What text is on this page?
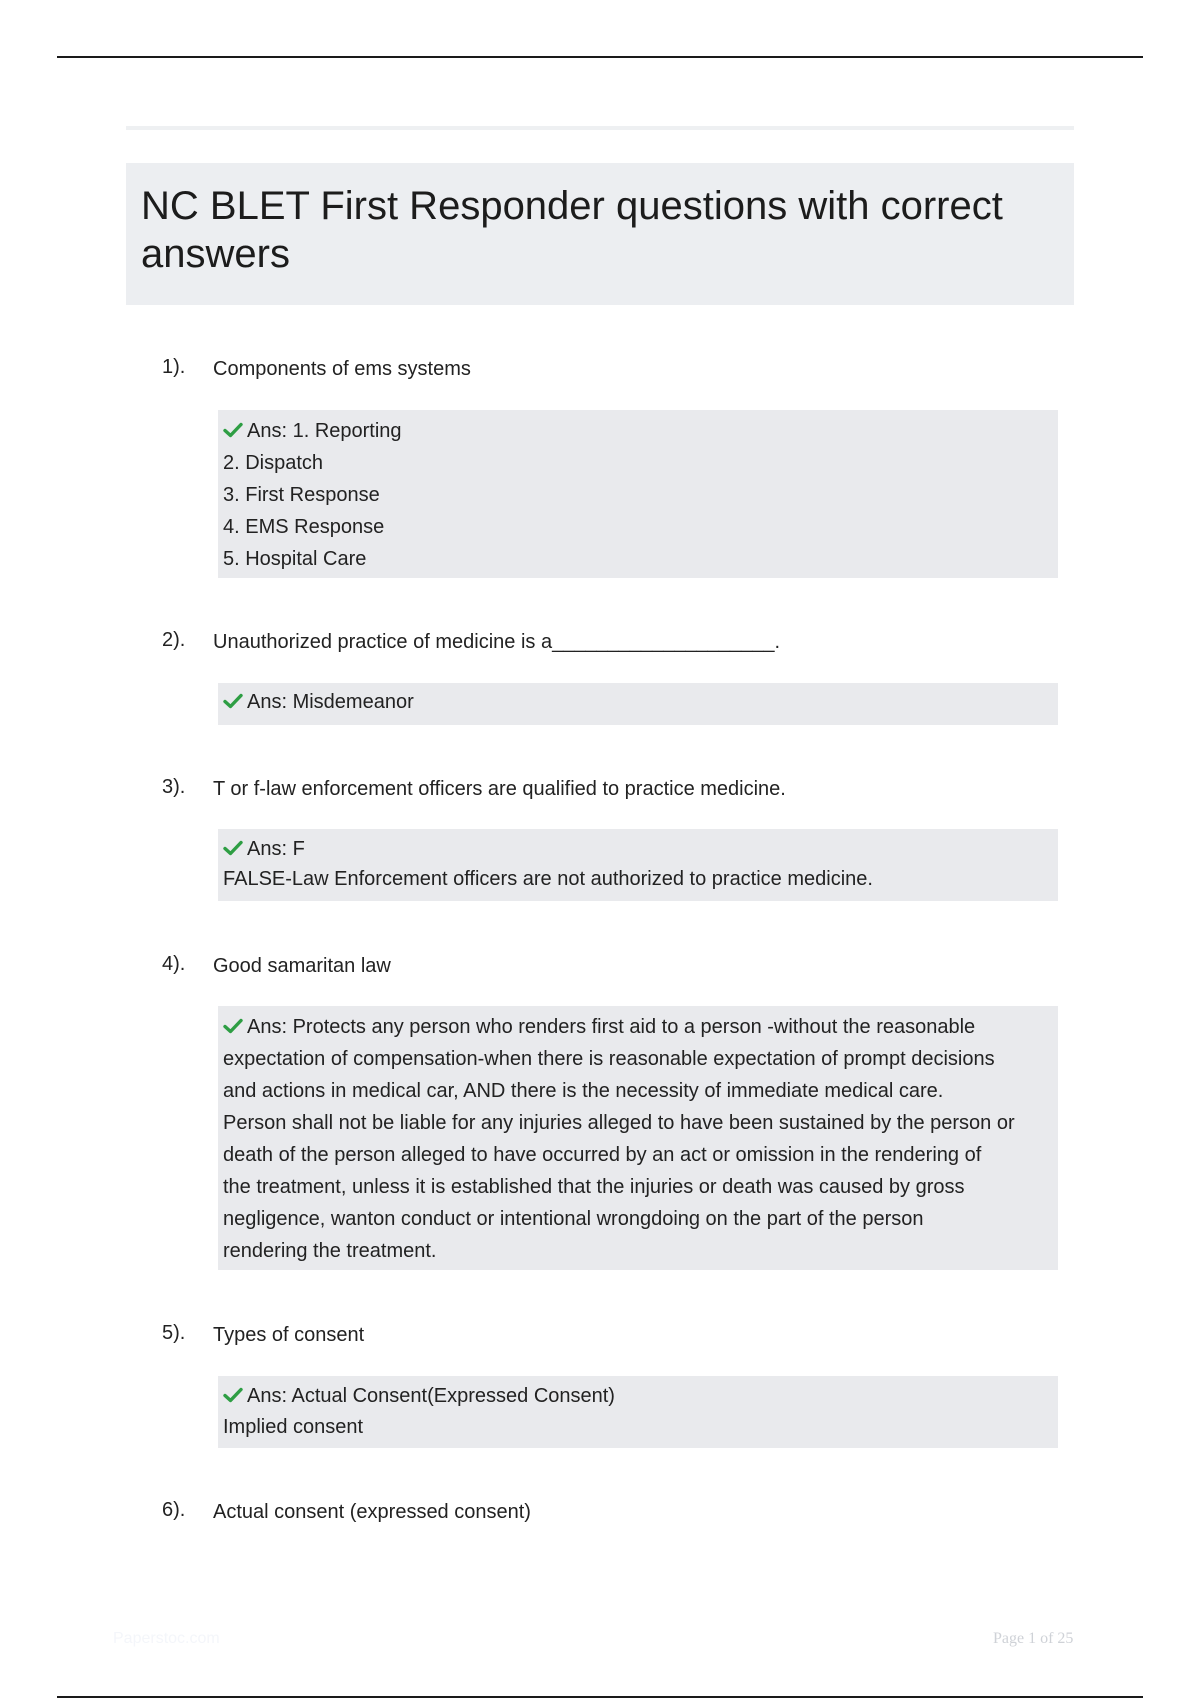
NC BLET First Responder questions with correct answers
1). Components of ems systems
Ans: 1. Reporting
2. Dispatch
3. First Response
4. EMS Response
5. Hospital Care
2). Unauthorized practice of medicine is a____________________.
Ans: Misdemeanor
3). T or f-law enforcement officers are qualified to practice medicine.
Ans: F
FALSE-Law Enforcement officers are not authorized to practice medicine.
4). Good samaritan law
Ans: Protects any person who renders first aid to a person -without the reasonable
expectation of compensation-when there is reasonable expectation of prompt decisions
and actions in medical car, AND there is the necessity of immediate medical care.
Person shall not be liable for any injuries alleged to have been sustained by the person or
death of the person alleged to have occurred by an act or omission in the rendering of
the treatment, unless it is established that the injuries or death was caused by gross
negligence, wanton conduct or intentional wrongdoing on the part of the person
rendering the treatment.
5). Types of consent
Ans: Actual Consent(Expressed Consent)
Implied consent
6). Actual consent (expressed consent)
Paperstoc.com	Page 1 of 25
